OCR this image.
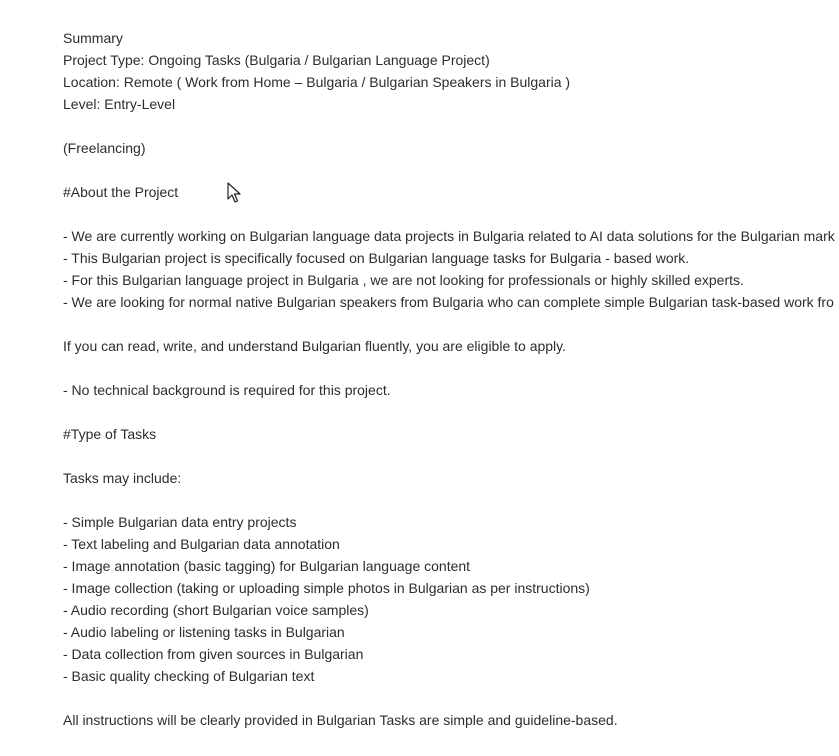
Summary
Project Type: Ongoing Tasks (Bulgaria / Bulgarian Language Project)
Location: Remote ( Work from Home – Bulgaria / Bulgarian Speakers in Bulgaria )
Level: Entry-Level
(Freelancing)
#About the Project
- We are currently working on Bulgarian language data projects in Bulgaria related to AI data solutions for the Bulgarian mark
- This Bulgarian project is specifically focused on Bulgarian language tasks for Bulgaria - based work.
- For this Bulgarian language project in Bulgaria , we are not looking for professionals or highly skilled experts.
- We are looking for normal native Bulgarian speakers from Bulgaria who can complete simple Bulgarian task-based work fro
If you can read, write, and understand Bulgarian fluently, you are eligible to apply.
- No technical background is required for this project.
#Type of Tasks
Tasks may include:
- Simple Bulgarian data entry projects
- Text labeling and Bulgarian data annotation
- Image annotation (basic tagging) for Bulgarian language content
- Image collection (taking or uploading simple photos in Bulgarian as per instructions)
- Audio recording (short Bulgarian voice samples)
- Audio labeling or listening tasks in Bulgarian
- Data collection from given sources in Bulgarian
- Basic quality checking of Bulgarian text
All instructions will be clearly provided in Bulgarian Tasks are simple and guideline-based.
